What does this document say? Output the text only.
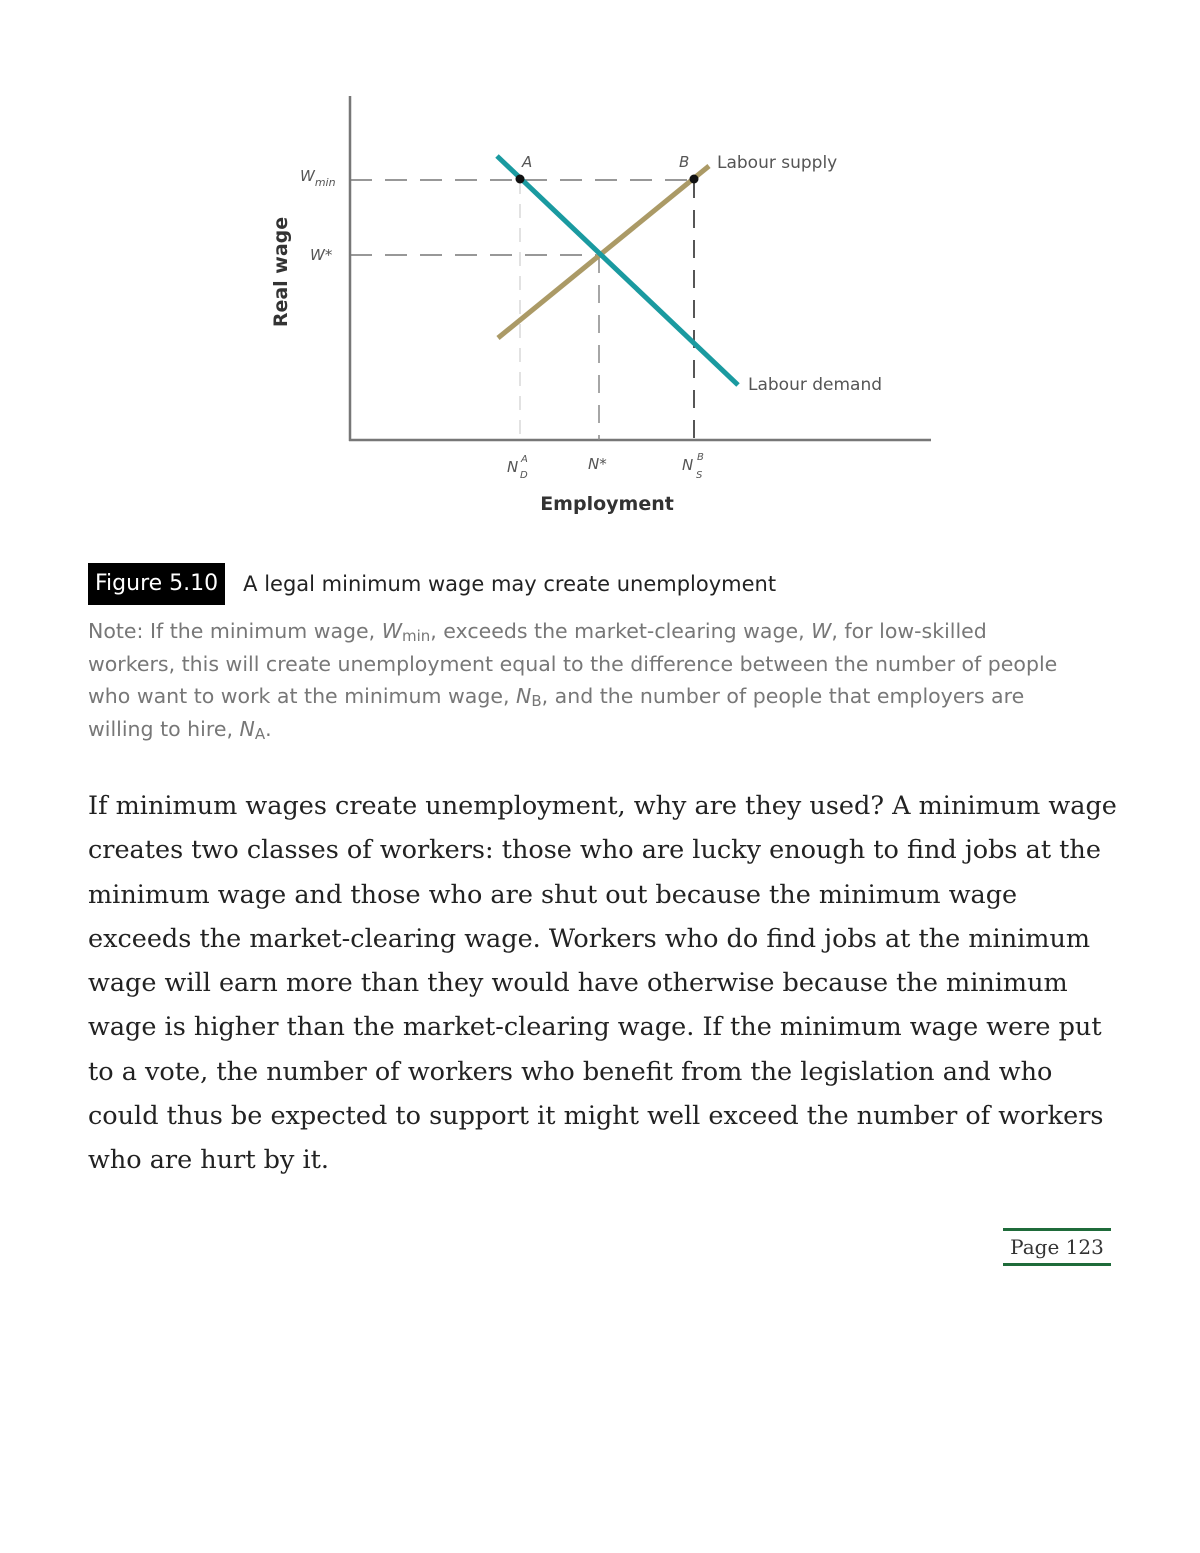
A	B Labour supply
Labour demand
$W_{min}$
W*
N A D
N*	N B S
Real wage
Employment
Figure 5.10 A legal minimum wage may create unemployment
Note: If the minimum wage, $W_{min}$, exceeds the market-clearing wage, W, for low-skilled workers, this will create unemployment equal to the difference between the number of people who want to work at the minimum wage, $N_B$, and the number of people that employers are willing to hire, $N_A$.

If minimum wages create unemployment, why are they used? A minimum wage creates two classes of workers: those who are lucky enough to find jobs at the minimum wage and those who are shut out because the minimum wage exceeds the market-clearing wage. Workers who do find jobs at the minimum wage will earn more than they would have otherwise because the minimum wage is higher than the market-clearing wage. If the minimum wage were put to a vote, the number of workers who benefit from the legislation and who could thus be expected to support it might well exceed the number of workers who are hurt by it.

Page 123
